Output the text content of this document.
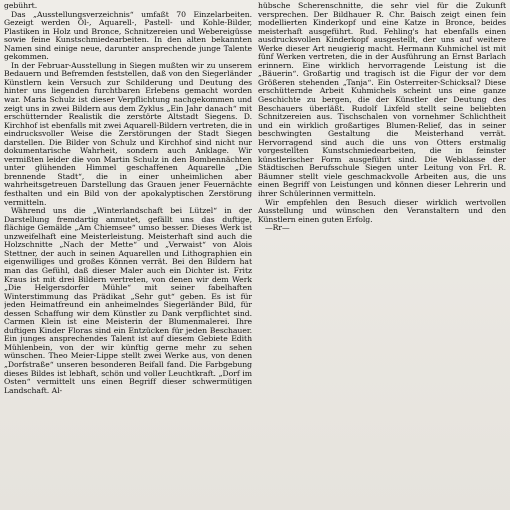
gebührt.

Das „Ausstellungsverzeichnis“ umfaßt 70 Einzelarbeiten. Gezeigt werden Öl-, Aquarell-, Pastell- und Kohle-Bilder, Plastiken in Holz und Bronce, Schnitzereien und Webereigüsse sowie feine Kunstschmiedearbeiten. In den alten bekannten Namen sind einige neue, darunter ansprechende junge Talente gekommen.

In der Februar-Ausstellung in Siegen mußten wir zu unserem Bedauern und Befremden feststellen, daß von den Siegerländer Künstlern kein Versuch zur Schilderung und Deutung des hinter uns liegenden furchtbaren Erlebens gemacht worden war. Maria Schulz ist dieser Verpflichtung nachgekommen und zeigt uns in zwei Bildern aus dem Zyklus „Ein Jahr danach“ mit erschütternder Realistik die zerstörte Altstadt Siegens. D. Kirchhof ist ebenfalls mit zwei Aquarell-Bildern vertreten, die in eindrucksvoller Weise die Zerstörungen der Stadt Siegen darstellen. Die Bilder von Schulz und Kirchhof sind nicht nur dokumentarische Wahrheit, sondern auch Anklage. Wir vermißten leider die von Martin Schulz in den Bombennächten unter glühenden Himmel geschaffenen Aquarelle „Die brennende Stadt“, die in einer unheimlichen aber wahrheitsgetreuen Darstellung das Grauen jener Feuernächte festhalten und ein Bild von der apokalyptischen Zerstörung vermitteln.

Während uns die „Winterlandschaft bei Lützel“ in der Darstellung fremdartig anmutet, gefällt uns das duftige, flächige Gemälde „Am Chiemsee“ umso besser. Dieses Werk ist unzweifelhaft eine Meisterleistung. Meisterhaft sind auch die Holzschnitte „Nach der Mette“ und „Verwaist“ von Alois Stettner, der auch in seinen Aquarellen und Lithographien ein eigenwilliges und großes Können verrät. Bei den Bildern hat man das Gefühl, daß dieser Maler auch ein Dichter ist. Fritz Kraus ist mit drei Bildern vertreten, von denen wir dem Werk „Die Helgersdorfer Mühle“ mit seiner fabelhaften Winterstimmung das Prädikat „Sehr gut“ geben. Es ist für jeden Heimatfreund ein anheimelndes Siegerländer Bild, für dessen Schaffung wir dem Künstler zu Dank verpflichtet sind. Carmen Klein ist eine Meisterin der Blumenmalerei. Ihre duftigen Kinder Floras sind ein Entzücken für jeden Beschauer. Ein junges ansprechendes Talent ist auf diesem Gebiete Edith Mühlenbein, von der wir künftig gerne mehr zu sehen wünschen. Theo Meier-Lippe stellt zwei Werke aus, von denen „Dorfstraße“ unseren besonderen Beifall fand. Die Farbgebung dieses Bildes ist lebhaft, schön und voller Leuchtkraft. „Dorf im Osten“ vermittelt uns einen Begriff dieser schwermütigen Landschaft. Al-

hübsche Scherenschnitte, die sehr viel für die Zukunft versprechen. Der Bildhauer R. Chr. Baisch zeigt einen fein modellierten Kinderkopf und eine Katze in Bronce, beides meisterhaft ausgeführt. Rud. Fehling's hat ebenfalls einen ausdrucksvollen Kinderkopf ausgestellt, der uns auf weitere Werke dieser Art neugierig macht. Hermann Kuhmichel ist mit fünf Werken vertreten, die in der Ausführung an Ernst Barlach erinnern. Eine wirklich hervorragende Leistung ist die „Bäuerin“. Großartig und tragisch ist die Figur der vor dem Größeren stehenden „Tanja“. Ein Osterreiter-Schicksal? Diese erschütternde Arbeit Kuhmichels scheint uns eine ganze Geschichte zu bergen, die der Künstler der Deutung des Beschauers überläßt. Rudolf Lixfeld stellt seine beliebten Schnitzereien aus. Tischschalen von vornehmer Schlichtheit und ein wirklich großartiges Blumen-Relief, das in seiner beschwingten Gestaltung die Meisterhand verrät. Hervorragend sind auch die uns von Otters erstmalig vorgestellten Kunstschmiedearbeiten, die in feinster künstlerischer Form ausgeführt sind. Die Webklasse der Städtischen Berufsschule Siegen unter Leitung von Frl. R. Bäumner stellt viele geschmackvolle Arbeiten aus, die uns einen Begriff von Leistungen und können dieser Lehrerin und ihrer Schülerinnen vermitteln.

Wir empfehlen den Besuch dieser wirklich wertvollen Ausstellung und wünschen den Veranstaltern und den Künstlern einen guten Erfolg.

—Rr—
